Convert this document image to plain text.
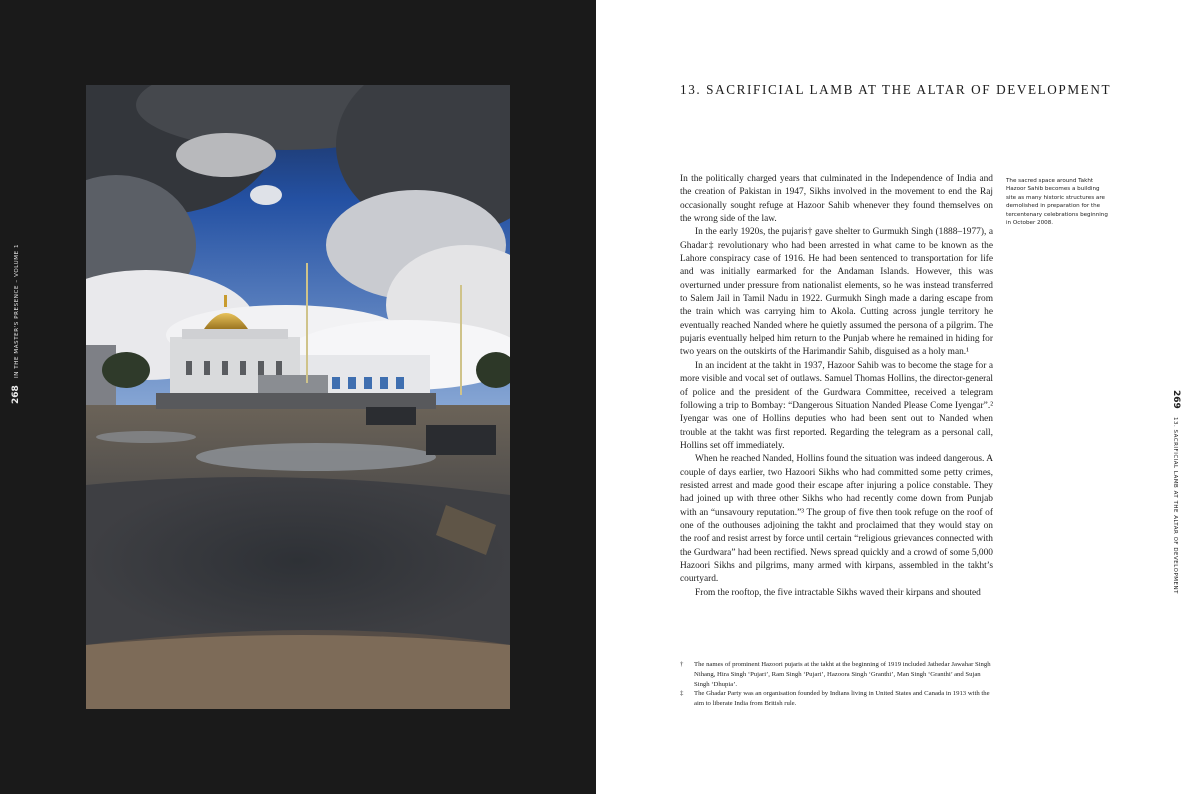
268
IN THE MASTER'S PRESENCE – VOLUME 1
13. SACRIFICIAL LAMB AT THE ALTAR OF DEVELOPMENT

In the politically charged years that culminated in the Independence of India and the creation of Pakistan in 1947, Sikhs involved in the movement to end the Raj occasionally sought refuge at Hazoor Sahib whenever they found themselves on the wrong side of the law.

In the early 1920s, the pujaris† gave shelter to Gurmukh Singh (1888–1977), a Ghadar‡ revolutionary who had been arrested in what came to be known as the Lahore conspiracy case of 1916. He had been sentenced to transportation for life and was initially earmarked for the Andaman Islands. However, this was overturned under pressure from nationalist elements, so he was instead transferred to Salem Jail in Tamil Nadu in 1922. Gurmukh Singh made a daring escape from the train which was carrying him to Akola. Cutting across jungle territory he eventually reached Nanded where he quietly assumed the persona of a pilgrim. The pujaris eventually helped him return to the Punjab where he remained in hiding for two years on the outskirts of the Harimandir Sahib, disguised as a holy man.¹

In an incident at the takht in 1937, Hazoor Sahib was to become the stage for a more visible and vocal set of outlaws. Samuel Thomas Hollins, the director-general of police and the president of the Gurdwara Committee, received a telegram following a trip to Bombay: “Dangerous Situation Nanded Please Come Iyengar”.² Iyengar was one of Hollins deputies who had been sent out to Nanded when trouble at the takht was first reported. Regarding the telegram as a personal call, Hollins set off immediately.

When he reached Nanded, Hollins found the situation was indeed dangerous. A couple of days earlier, two Hazoori Sikhs who had committed some petty crimes, resisted arrest and made good their escape after injuring a police constable. They had joined up with three other Sikhs who had recently come down from Punjab with an “unsavoury reputation.”³ The group of five then took refuge on the roof of one of the outhouses adjoining the takht and proclaimed that they would stay on the roof and resist arrest by force until certain “religious grievances connected with the Gurdwara” had been rectified. News spread quickly and a crowd of some 5,000 Hazoori Sikhs and pilgrims, many armed with kirpans, assembled in the takht’s courtyard.

From the rooftop, the five intractable Sikhs waved their kirpans and shouted

The sacred space around Takht Hazoor Sahib becomes a building site as many historic structures are demolished in preparation for the tercentenary celebrations beginning in October 2008.
†	The names of prominent Hazoori pujaris at the takht at the beginning of 1919 included Jathedar Jawahar Singh Nihang, Hira Singh ‘Pujari’, Ram Singh ‘Pujari’, Hazoora Singh ‘Granthi’, Man Singh ‘Granthi’ and Sujan Singh ‘Dhupia’.
‡	The Ghadar Party was an organisation founded by Indians living in United States and Canada in 1913 with the aim to liberate India from British rule.
269
13. SACRIFICIAL LAMB AT THE ALTAR OF DEVELOPMENT
